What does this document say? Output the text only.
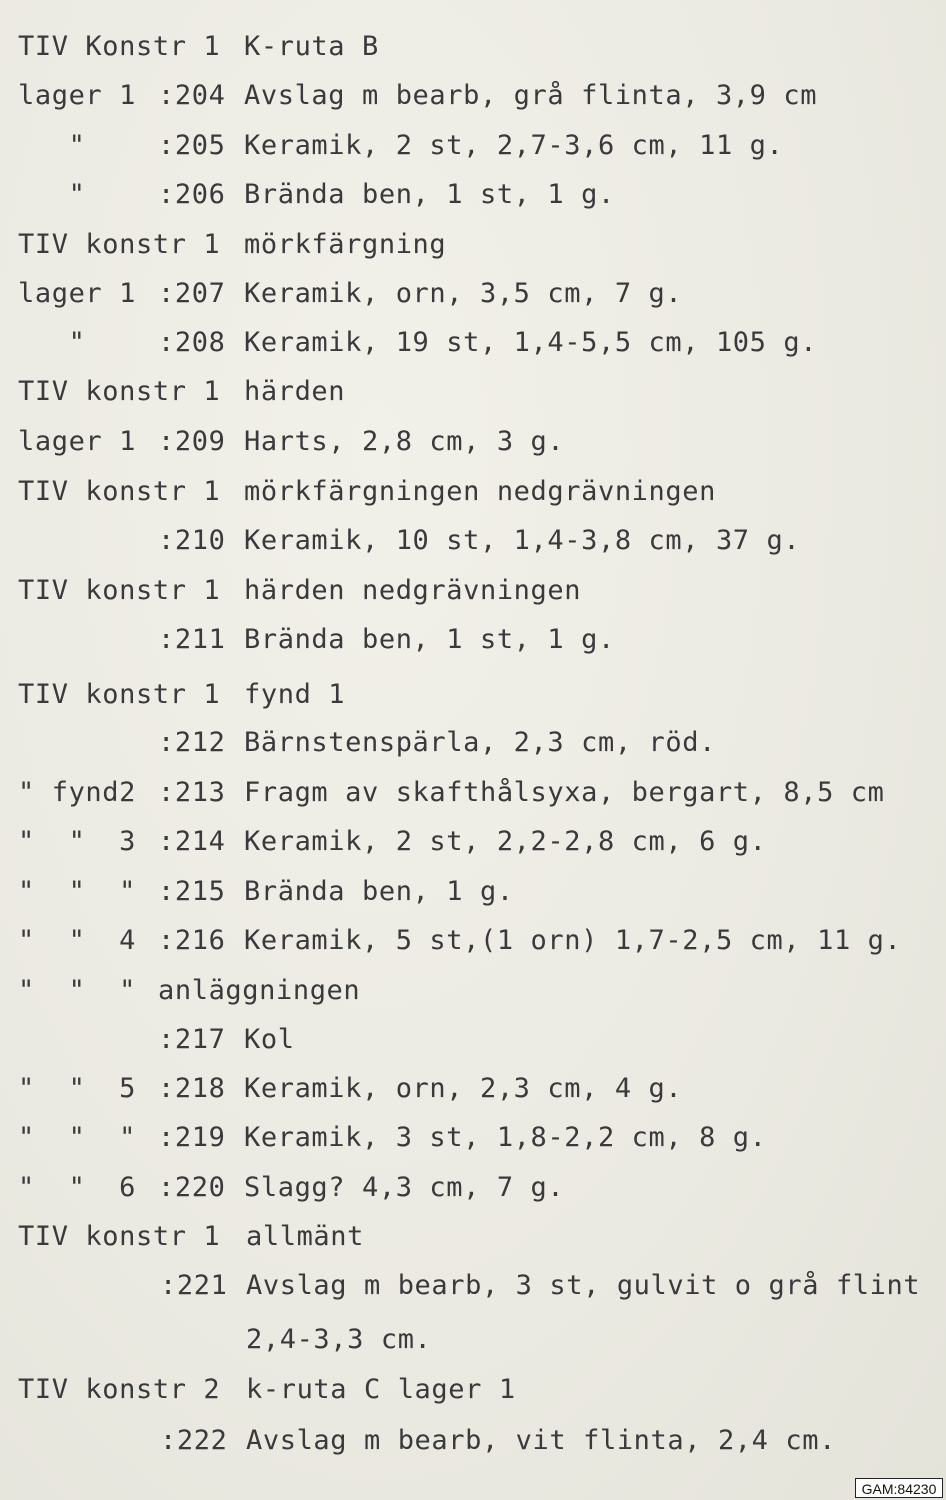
TIV Konstr 1 K-ruta B
lager 1 :204 Avslag m bearb, grå flinta, 3,9 cm
"	:205 Keramik, 2 st, 2,7-3,6 cm, 11 g.
"	:206 Brända ben, 1 st, 1 g.
TIV konstr 1 mörkfärgning
lager 1 :207 Keramik, orn, 3,5 cm, 7 g.
"	:208 Keramik, 19 st, 1,4-5,5 cm, 105 g.
TIV konstr 1 härden
lager 1 :209 Harts, 2,8 cm, 3 g.
TIV konstr 1 mörkfärgningen nedgrävningen
:210 Keramik, 10 st, 1,4-3,8 cm, 37 g.
TIV konstr 1 härden nedgrävningen
:211 Brända ben, 1 st, 1 g.
TIV konstr 1 fynd 1
:212 Bärnstenspärla, 2,3 cm, röd.
" fynd2 :213 Fragm av skafthålsyxa, bergart, 8,5 cm
"  "  3 :214 Keramik, 2 st, 2,2-2,8 cm, 6 g.
"  "  " :215 Brända ben, 1 g.
"  "  4 :216 Keramik, 5 st,(1 orn) 1,7-2,5 cm, 11 g.
"  "  " anläggningen
:217 Kol
"  "  5 :218 Keramik, orn, 2,3 cm, 4 g.
"  "  " :219 Keramik, 3 st, 1,8-2,2 cm, 8 g.
"  "  6 :220 Slagg? 4,3 cm, 7 g.
TIV konstr 1 allmänt
:221 Avslag m bearb, 3 st, gulvit o grå flint
2,4-3,3 cm.
TIV konstr 2 k-ruta C lager 1
:222 Avslag m bearb, vit flinta, 2,4 cm.
GAM:84230
